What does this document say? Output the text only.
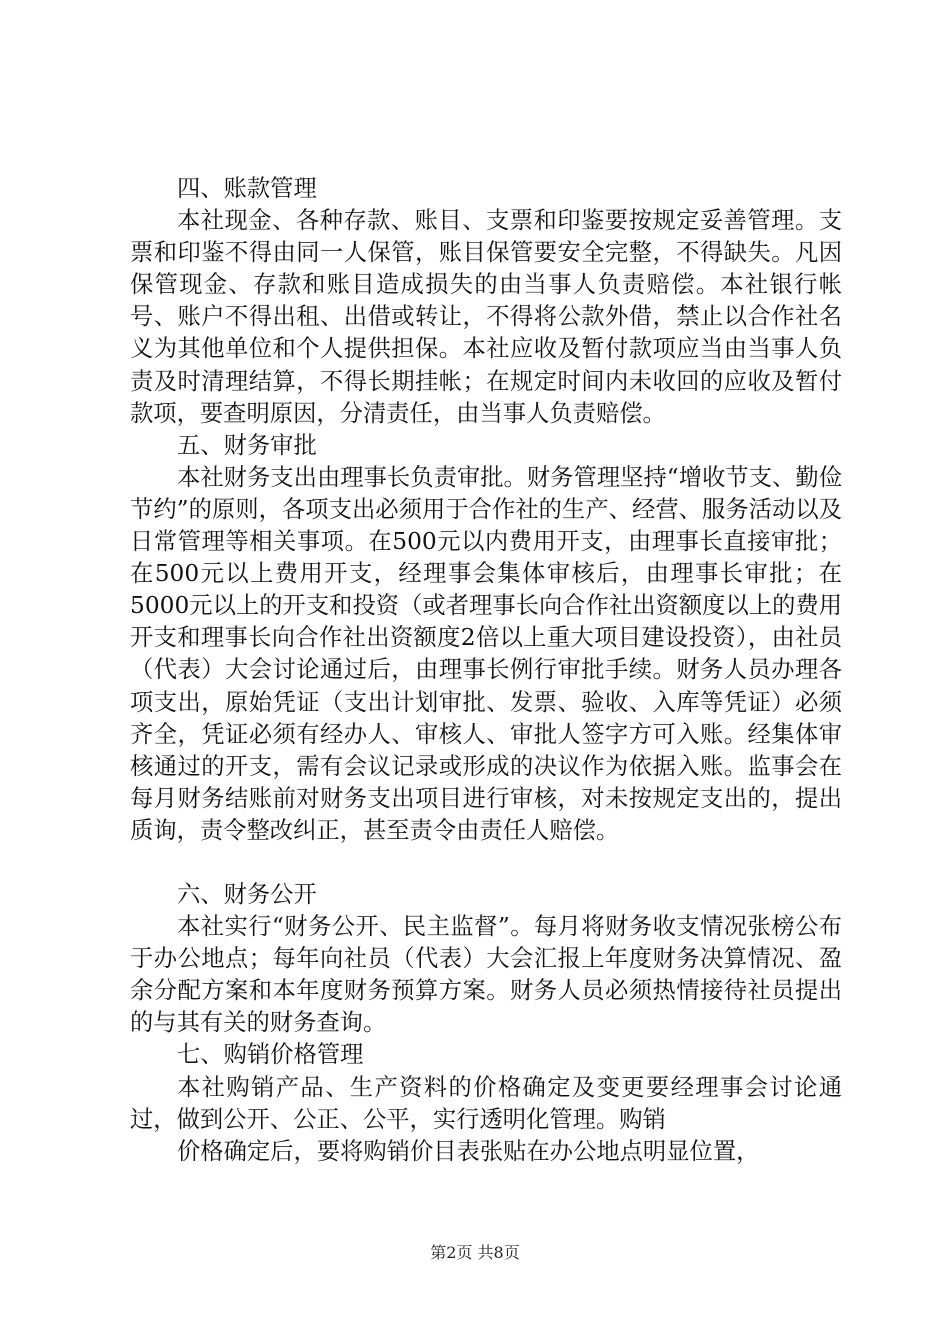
四、账款管理

本社现金、各种存款、账目、支票和印鉴要按规定妥善管理。支票和印鉴不得由同一人保管，账目保管要安全完整，不得缺失。凡因保管现金、存款和账目造成损失的由当事人负责赔偿。本社银行帐号、账户不得出租、出借或转让，不得将公款外借，禁止以合作社名义为其他单位和个人提供担保。本社应收及暂付款项应当由当事人负责及时清理结算，不得长期挂帐；在规定时间内未收回的应收及暂付款项，要查明原因，分清责任，由当事人负责赔偿。

五、财务审批

本社财务支出由理事长负责审批。财务管理坚持“增收节支、勤俭节约”的原则，各项支出必须用于合作社的生产、经营、服务活动以及日常管理等相关事项。在500元以内费用开支，由理事长直接审批；在500元以上费用开支，经理事会集体审核后，由理事长审批；在5000元以上的开支和投资（或者理事长向合作社出资额度以上的费用开支和理事长向合作社出资额度2倍以上重大项目建设投资），由社员（代表）大会讨论通过后，由理事长例行审批手续。财务人员办理各项支出，原始凭证（支出计划审批、发票、验收、入库等凭证）必须齐全，凭证必须有经办人、审核人、审批人签字方可入账。经集体审核通过的开支，需有会议记录或形成的决议作为依据入账。监事会在每月财务结账前对财务支出项目进行审核，对未按规定支出的，提出质询，责令整改纠正，甚至责令由责任人赔偿。

六、财务公开

本社实行“财务公开、民主监督”。每月将财务收支情况张榜公布于办公地点；每年向社员（代表）大会汇报上年度财务决算情况、盈余分配方案和本年度财务预算方案。财务人员必须热情接待社员提出的与其有关的财务查询。

七、购销价格管理

本社购销产品、生产资料的价格确定及变更要经理事会讨论通过，做到公开、公正、公平，实行透明化管理。购销

价格确定后，要将购销价目表张贴在办公地点明显位置，

第2页 共8页
